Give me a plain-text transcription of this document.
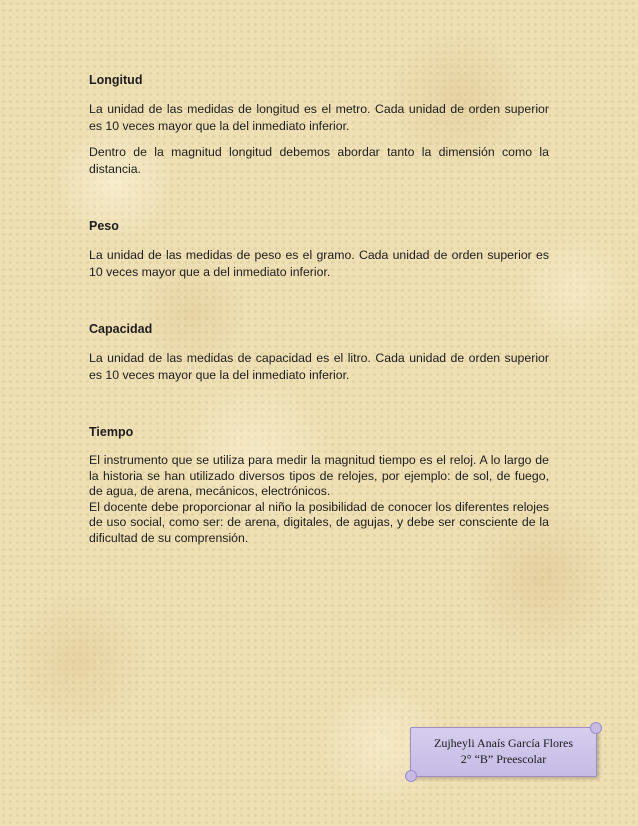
Longitud

La unidad de las medidas de longitud es el metro. Cada unidad de orden superior es 10 veces mayor que la del inmediato inferior.

Dentro de la magnitud longitud debemos abordar tanto la dimensión como la distancia.

Peso

La unidad de las medidas de peso es el gramo. Cada unidad de orden superior es 10 veces mayor que a del inmediato inferior.

Capacidad

La unidad de las medidas de capacidad es el litro. Cada unidad de orden superior es 10 veces mayor que la del inmediato inferior.

Tiempo

El instrumento que se utiliza para medir la magnitud tiempo es el reloj. A lo largo de la historia se han utilizado diversos tipos de relojes, por ejemplo: de sol, de fuego, de agua, de arena, mecánicos, electrónicos.

El docente debe proporcionar al niño la posibilidad de conocer los diferentes relojes de uso social, como ser: de arena, digitales, de agujas, y debe ser consciente de la dificultad de su comprensión.

Zujheyli Anaís García Flores
2° “B” Preescolar
